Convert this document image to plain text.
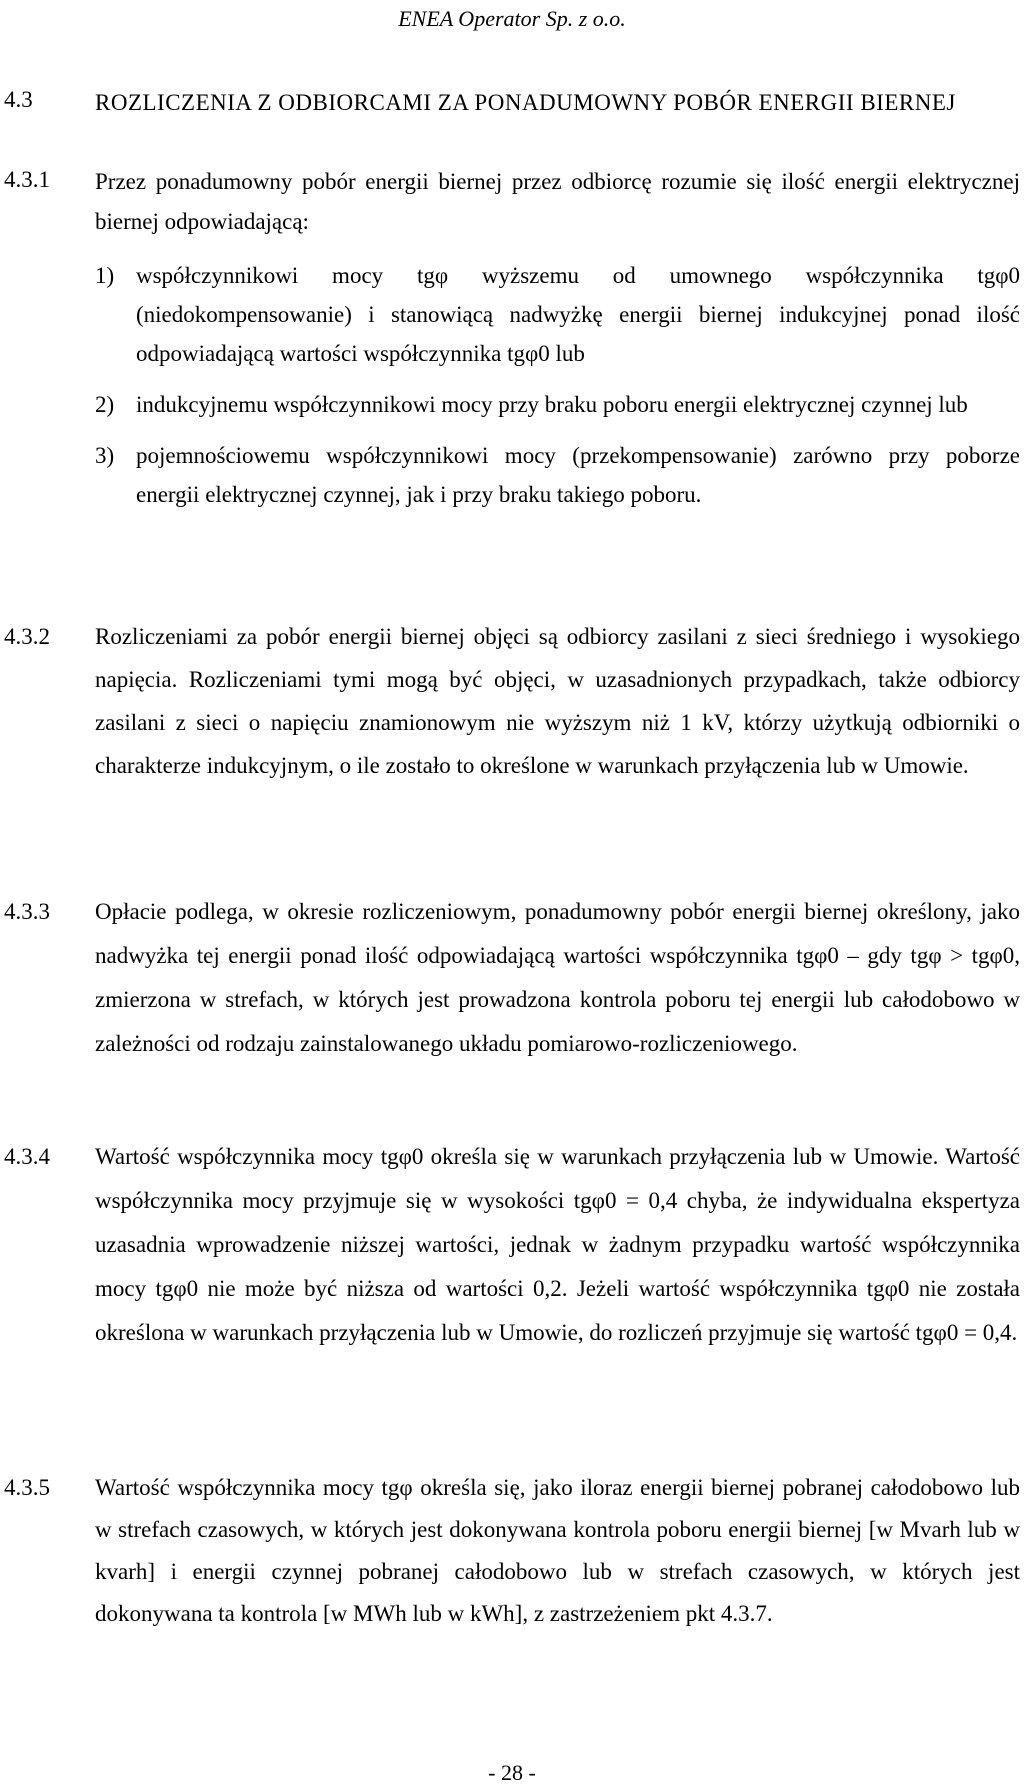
ENEA Operator Sp. z o.o.
4.3	ROZLICZENIA Z ODBIORCAMI ZA PONADUMOWNY POBÓR ENERGII BIERNEJ
4.3.1	Przez ponadumowny pobór energii biernej przez odbiorcę rozumie się ilość energii elektrycznej biernej odpowiadającą:
1) współczynnikowi mocy tgφ wyższemu od umownego współczynnika tgφ0 (niedokompensowanie) i stanowiącą nadwyżkę energii biernej indukcyjnej ponad ilość odpowiadającą wartości współczynnika tgφ0 lub
2) indukcyjnemu współczynnikowi mocy przy braku poboru energii elektrycznej czynnej lub
3) pojemnościowemu współczynnikowi mocy (przekompensowanie) zarówno przy poborze energii elektrycznej czynnej, jak i przy braku takiego poboru.
4.3.2	Rozliczeniami za pobór energii biernej objęci są odbiorcy zasilani z sieci średniego i wysokiego napięcia. Rozliczeniami tymi mogą być objęci, w uzasadnionych przypadkach, także odbiorcy zasilani z sieci o napięciu znamionowym nie wyższym niż 1 kV, którzy użytkują odbiorniki o charakterze indukcyjnym, o ile zostało to określone w warunkach przyłączenia lub w Umowie.
4.3.3	Opłacie podlega, w okresie rozliczeniowym, ponadumowny pobór energii biernej określony, jako nadwyżka tej energii ponad ilość odpowiadającą wartości współczynnika tgφ0 – gdy tgφ > tgφ0, zmierzona w strefach, w których jest prowadzona kontrola poboru tej energii lub całodobowo w zależności od rodzaju zainstalowanego układu pomiarowo-rozliczeniowego.
4.3.4	Wartość współczynnika mocy tgφ0 określa się w warunkach przyłączenia lub w Umowie. Wartość współczynnika mocy przyjmuje się w wysokości tgφ0 = 0,4 chyba, że indywidualna ekspertyza uzasadnia wprowadzenie niższej wartości, jednak w żadnym przypadku wartość współczynnika mocy tgφ0 nie może być niższa od wartości 0,2. Jeżeli wartość współczynnika tgφ0 nie została określona w warunkach przyłączenia lub w Umowie, do rozliczeń przyjmuje się wartość tgφ0 = 0,4.
4.3.5	Wartość współczynnika mocy tgφ określa się, jako iloraz energii biernej pobranej całodobowo lub w strefach czasowych, w których jest dokonywana kontrola poboru energii biernej [w Mvarh lub w kvarh] i energii czynnej pobranej całodobowo lub w strefach czasowych, w których jest dokonywana ta kontrola [w MWh lub w kWh], z zastrzeżeniem pkt 4.3.7.
- 28 -
